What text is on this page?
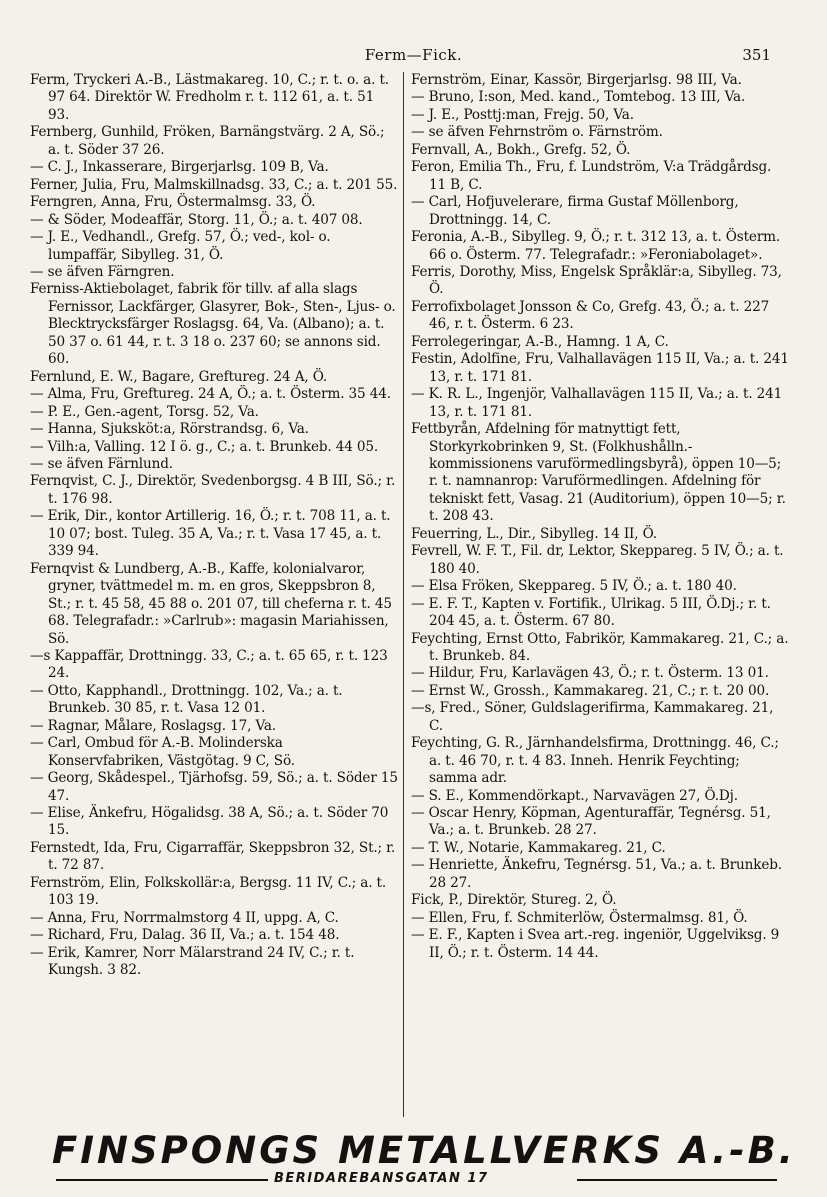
Ferm—Fick.	351

Ferm, Tryckeri A.-B., Lästmakareg. 10, C.; r. t. o. a. t. 97 64. Direktör W. Fredholm r. t. 112 61, a. t. 51 93.

Fernberg, Gunhild, Fröken, Barnängstvärg. 2 A, Sö.; a. t. Söder 37 26.

— C. J., Inkasserare, Birgerjarlsg. 109 B, Va.

Ferner, Julia, Fru, Malmskillnadsg. 33, C.; a. t. 201 55.

Ferngren, Anna, Fru, Östermalmsg. 33, Ö.

— & Söder, Modeaffär, Storg. 11, Ö.; a. t. 407 08.

— J. E., Vedhandl., Grefg. 57, Ö.; ved-, kol- o. lumpaffär, Sibylleg. 31, Ö.

— se äfven Färngren.

Ferniss-Aktiebolaget, fabrik för tillv. af alla slags Fernissor, Lackfärger, Glasyrer, Bok-, Sten-, Ljus- o. Blecktrycksfärger Roslagsg. 64, Va. (Albano); a. t. 50 37 o. 61 44, r. t. 3 18 o. 237 60; se annons sid. 60.

Fernlund, E. W., Bagare, Greftureg. 24 A, Ö.

— Alma, Fru, Greftureg. 24 A, Ö.; a. t. Österm. 35 44.

— P. E., Gen.-agent, Torsg. 52, Va.

— Hanna, Sjuksköt:a, Rörstrandsg. 6, Va.

— Vilh:a, Valling. 12 I ö. g., C.; a. t. Brunkeb. 44 05.

— se äfven Färnlund.

Fernqvist, C. J., Direktör, Svedenborgsg. 4 B III, Sö.; r. t. 176 98.

— Erik, Dir., kontor Artillerig. 16, Ö.; r. t. 708 11, a. t. 10 07; bost. Tuleg. 35 A, Va.; r. t. Vasa 17 45, a. t. 339 94.

Fernqvist & Lundberg, A.-B., Kaffe, kolonialvaror, gryner, tvättmedel m. m. en gros, Skeppsbron 8, St.; r. t. 45 58, 45 88 o. 201 07, till cheferna r. t. 45 68. Telegrafadr.: »Carlrub»: magasin Mariahissen, Sö.

—s Kappaffär, Drottningg. 33, C.; a. t. 65 65, r. t. 123 24.

— Otto, Kapphandl., Drottningg. 102, Va.; a. t. Brunkeb. 30 85, r. t. Vasa 12 01.

— Ragnar, Målare, Roslagsg. 17, Va.

— Carl, Ombud för A.-B. Molinderska Konservfabriken, Västgötag. 9 C, Sö.

— Georg, Skådespel., Tjärhofsg. 59, Sö.; a. t. Söder 15 47.

— Elise, Änkefru, Högalidsg. 38 A, Sö.; a. t. Söder 70 15.

Fernstedt, Ida, Fru, Cigarraffär, Skeppsbron 32, St.; r. t. 72 87.

Fernström, Elin, Folkskollär:a, Bergsg. 11 IV, C.; a. t. 103 19.

— Anna, Fru, Norrmalmstorg 4 II, uppg. A, C.

— Richard, Fru, Dalag. 36 II, Va.; a. t. 154 48.

— Erik, Kamrer, Norr Mälarstrand 24 IV, C.; r. t. Kungsh. 3 82.

Fernström, Einar, Kassör, Birgerjarlsg. 98 III, Va.

— Bruno, I:son, Med. kand., Tomtebog. 13 III, Va.

— J. E., Posttj:man, Frejg. 50, Va.

— se äfven Fehrnström o. Färnström.

Fernvall, A., Bokh., Grefg. 52, Ö.

Feron, Emilia Th., Fru, f. Lundström, V:a Trädgårdsg. 11 B, C.

— Carl, Hofjuvelerare, firma Gustaf Möllenborg, Drottningg. 14, C.

Feronia, A.-B., Sibylleg. 9, Ö.; r. t. 312 13, a. t. Österm. 66 o. Österm. 77. Telegrafadr.: »Feroniabolaget».

Ferris, Dorothy, Miss, Engelsk Språklär:a, Sibylleg. 73, Ö.

Ferrofixbolaget Jonsson & Co, Grefg. 43, Ö.; a. t. 227 46, r. t. Österm. 6 23.

Ferrolegeringar, A.-B., Hamng. 1 A, C.

Festin, Adolfine, Fru, Valhallavägen 115 II, Va.; a. t. 241 13, r. t. 171 81.

— K. R. L., Ingenjör, Valhallavägen 115 II, Va.; a. t. 241 13, r. t. 171 81.

Fettbyrån, Afdelning för matnyttigt fett, Storkyrkobrinken 9, St. (Folkhushålln.-kommissionens varuförmedlingsbyrå), öppen 10—5; r. t. namnanrop: Varuförmedlingen. Afdelning för tekniskt fett, Vasag. 21 (Auditorium), öppen 10—5; r. t. 208 43.

Feuerring, L., Dir., Sibylleg. 14 II, Ö.

Fevrell, W. F. T., Fil. dr, Lektor, Skeppareg. 5 IV, Ö.; a. t. 180 40.

— Elsa Fröken, Skeppareg. 5 IV, Ö.; a. t. 180 40.

— E. F. T., Kapten v. Fortifik., Ulrikag. 5 III, Ö.Dj.; r. t. 204 45, a. t. Österm. 67 80.

Feychting, Ernst Otto, Fabrikör, Kammakareg. 21, C.; a. t. Brunkeb. 84.

— Hildur, Fru, Karlavägen 43, Ö.; r. t. Österm. 13 01.

— Ernst W., Grossh., Kammakareg. 21, C.; r. t. 20 00.

—s, Fred., Söner, Guldslagerifirma, Kammakareg. 21, C.

Feychting, G. R., Järnhandelsfirma, Drottningg. 46, C.; a. t. 46 70, r. t. 4 83. Inneh. Henrik Feychting; samma adr.

— S. E., Kommendörkapt., Narvavägen 27, Ö.Dj.

— Oscar Henry, Köpman, Agenturaffär, Tegnérsg. 51, Va.; a. t. Brunkeb. 28 27.

— T. W., Notarie, Kammakareg. 21, C.

— Henriette, Änkefru, Tegnérsg. 51, Va.; a. t. Brunkeb. 28 27.

Fick, P., Direktör, Stureg. 2, Ö.

— Ellen, Fru, f. Schmiterlöw, Östermalmsg. 81, Ö.

— E. F., Kapten i Svea art.-reg. ingeniör, Uggelviksg. 9 II, Ö.; r. t. Österm. 14 44.

FINSPONGS METALLVERKS A.-B.
BERIDAREBANSGATAN 17
